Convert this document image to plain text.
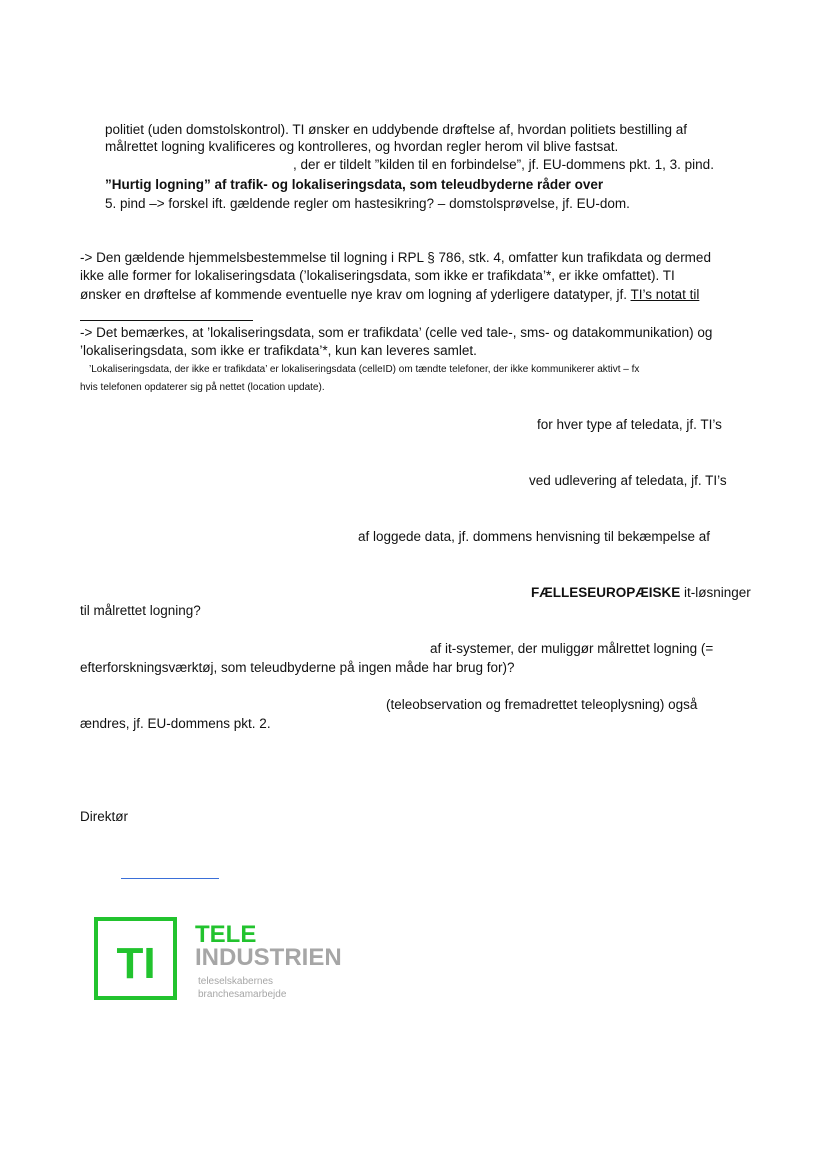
politiet (uden domstolskontrol). TI ønsker en uddybende drøftelse af, hvordan politiets bestilling af
målrettet logning kvalificeres og kontrolleres, og hvordan regler herom vil blive fastsat.
, der er tildelt ”kilden til en forbindelse”, jf. EU-dommens pkt. 1, 3. pind.
”Hurtig logning” af trafik- og lokaliseringsdata, som teleudbyderne råder over
5. pind –> forskel ift. gældende regler om hastesikring? – domstolsprøvelse, jf. EU-dom.
-> Den gældende hjemmelsbestemmelse til logning i RPL § 786, stk. 4, omfatter kun trafikdata og dermed
ikke alle former for lokaliseringsdata (’lokaliseringsdata, som ikke er trafikdata’*, er ikke omfattet). TI
ønsker en drøftelse af kommende eventuelle nye krav om logning af yderligere datatyper, jf. TI’s notat til
-> Det bemærkes, at ’lokaliseringsdata, som er trafikdata’ (celle ved tale-, sms- og datakommunikation) og
’lokaliseringsdata, som ikke er trafikdata’*, kun kan leveres samlet.
’Lokaliseringsdata, der ikke er trafikdata’ er lokaliseringsdata (celleID) om tændte telefoner, der ikke kommunikerer aktivt – fx
hvis telefonen opdaterer sig på nettet (location update).
for hver type af teledata, jf. TI’s
ved udlevering af teledata, jf. TI’s
af loggede data, jf. dommens henvisning til bekæmpelse af
FÆLLESEUROPÆISKE it-løsninger
til målrettet logning?
af it-systemer, der muliggør målrettet logning (=
efterforskningsværktøj, som teleudbyderne på ingen måde har brug for)?
(teleobservation og fremadrettet teleoplysning) også
ændres, jf. EU-dommens pkt. 2.
Direktør
TI
TELE
INDUSTRIEN
teleselskabernes
branchesamarbejde
